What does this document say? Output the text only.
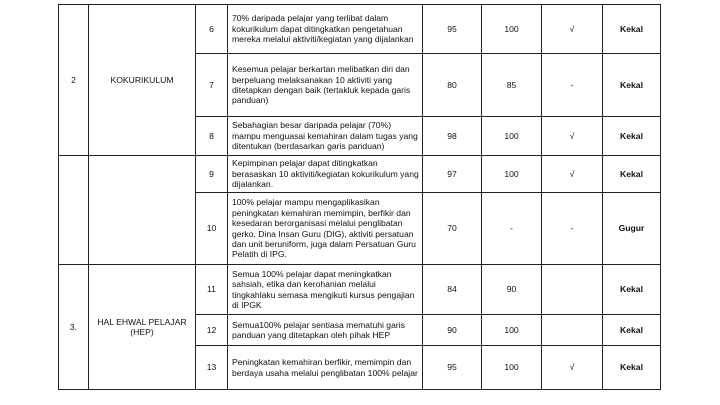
2	KOKURIKULUM	6	70% daripada pelajar yang terlibat dalam kokurikulum dapat ditingkatkan pengetahuan mereka melalui aktiviti/kegiatan yang dijalankan	95	100	√	Kekal
		7	Kesemua pelajar berkartan melibatkan diri dan berpeluang melaksanakan 10 aktiviti yang ditetapkan dengan baik (tertakluk kepada garis panduan)	80	85	-	Kekal
		8	Sebahagian besar daripada pelajar (70%) mampu menguasai kemahiran dalam tugas yang ditentukan (berdasarkan garis panduan)	98	100	√	Kekal
		9	Kepimpinan pelajar dapat ditingkatkan berasaskan 10 aktiviti/kegiatan kokurikulum yang dijalankan.	97	100	√	Kekal
		10	100% pelajar mampu mengaplikasikan peningkatan kemahiran memimpin, berfikir dan kesedaran berorganisasi melalui penglibatan gerko, Dina Insan Guru (DIG), aktiviti persatuan dan unit beruniform, juga dalam Persatuan Guru Pelatih di IPG.	70	-	-	Gugur
3.	HAL EHWAL PELAJAR (HEP)	11	Semua 100% pelajar dapat meningkatkan sahsiah, etika dan kerohanian melalui tingkahlaku semasa mengikuti kursus pengajian di IPGK	84	90		Kekal
		12	Semua100% pelajar sentiasa mematuhi garis panduan yang ditetapkan oleh pihak HEP	90	100		Kekal
		13	Peningkatan kemahiran berfikir, memimpin dan berdaya usaha melalui penglibatan 100% pelajar	95	100	√	Kekal
